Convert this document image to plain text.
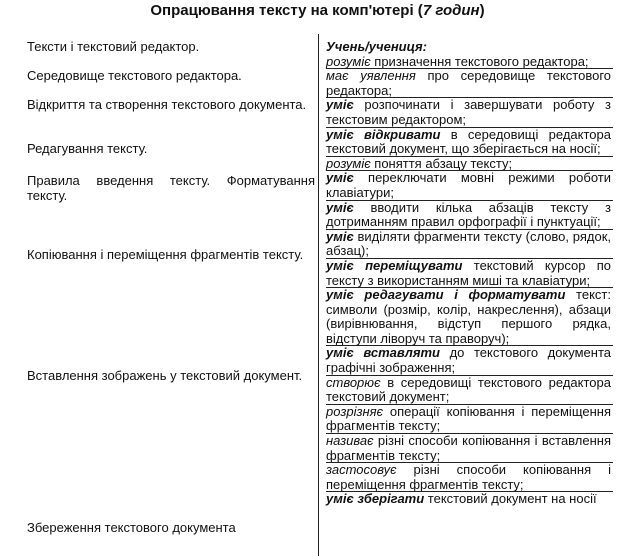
Опрацювання тексту на комп'ютері (7 годин)
Тексти і текстовий редактор.
Середовище текстового редактора.
Відкриття та створення текстового документа.
Редагування тексту.
Правила введення тексту. Форматування тексту.
Копіювання і переміщення фрагментів тексту.
Вставлення зображень у текстовий документ.
Збереження текстового документа
Учень/учениця:
розуміє призначення текстового редактора;
має уявлення про середовище текстового редактора;
уміє розпочинати і завершувати роботу з текстовим редактором;
уміє відкривати в середовищі редактора текстовий документ, що зберігається на носії;
розуміє поняття абзацу тексту;
уміє переключати мовні режими роботи клавіатури;
уміє вводити кілька абзаців тексту з дотриманням правил орфографії і пунктуації;
уміє виділяти фрагменти тексту (слово, рядок, абзац);
уміє переміщувати текстовий курсор по тексту з використанням миші та клавіатури;
уміє редагувати і форматувати текст: символи (розмір, колір, накреслення), абзаци (вирівнювання, відступ першого рядка, відступи ліворуч та праворуч);
уміє вставляти до текстового документа графічні зображення;
створює в середовищі текстового редактора текстовий документ;
розрізняє операції копіювання і переміщення фрагментів тексту;
називає різні способи копіювання і вставлення фрагментів тексту;
застосовує різні способи копіювання і переміщення фрагментів тексту;
уміє зберігати текстовий документ на носії
